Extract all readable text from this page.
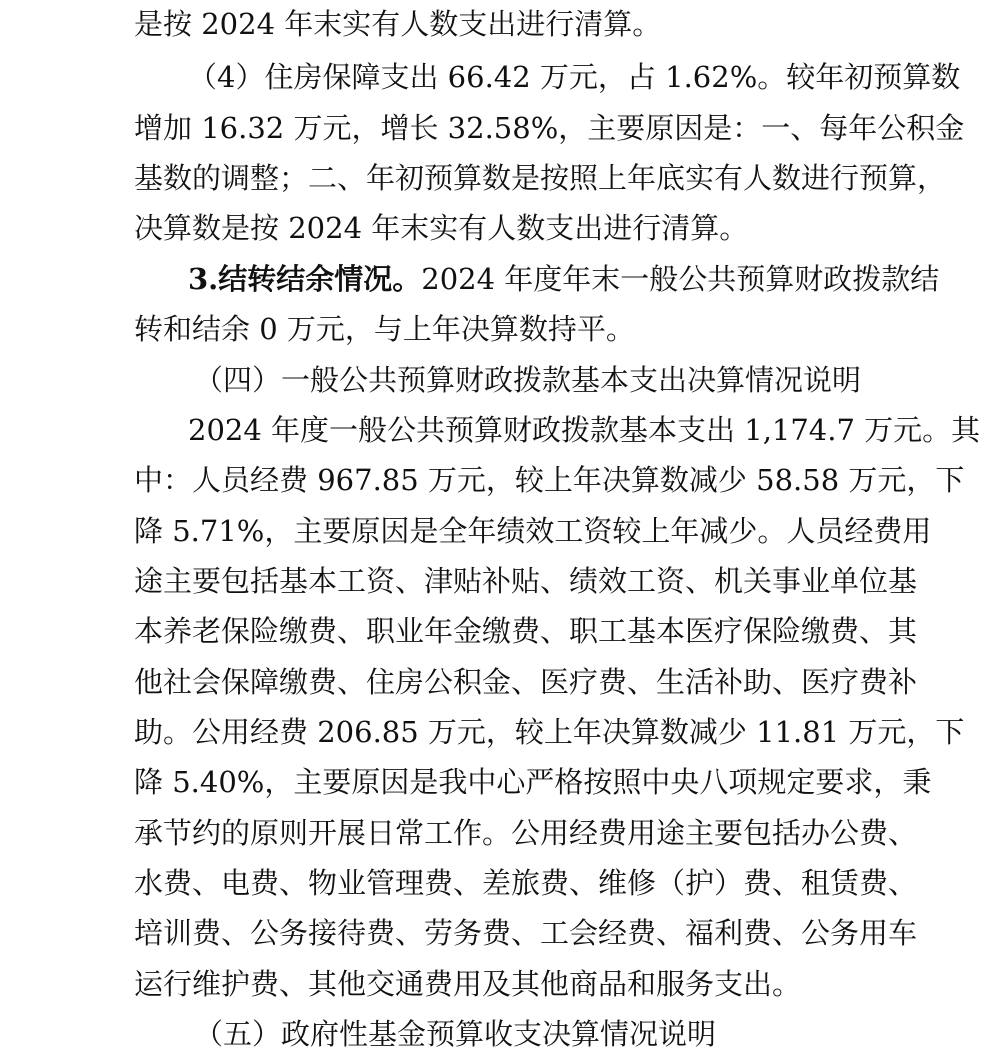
是按 2024 年末实有人数支出进行清算。
（4）住房保障支出 66.42 万元，占 1.62%。较年初预算数
增加 16.32 万元，增长 32.58%，主要原因是：一、每年公积金
基数的调整；二、年初预算数是按照上年底实有人数进行预算，
决算数是按 2024 年末实有人数支出进行清算。
3.结转结余情况。 2024 年度年末一般公共预算财政拨款结
转和结余 0 万元，与上年决算数持平。
（四）一般公共预算财政拨款基本支出决算情况说明
2024 年度一般公共预算财政拨款基本支出 1,174.7 万元。其
中：人员经费 967.85 万元，较上年决算数减少 58.58 万元，下
降 5.71%，主要原因是全年绩效工资较上年减少。人员经费用
途主要包括基本工资、津贴补贴、绩效工资、机关事业单位基
本养老保险缴费、职业年金缴费、职工基本医疗保险缴费、其
他社会保障缴费、住房公积金、医疗费、生活补助、医疗费补
助。公用经费 206.85 万元，较上年决算数减少 11.81 万元，下
降 5.40%，主要原因是我中心严格按照中央八项规定要求，秉
承节约的原则开展日常工作。公用经费用途主要包括办公费、
水费、电费、物业管理费、差旅费、维修（护）费、租赁费、
培训费、公务接待费、劳务费、工会经费、福利费、公务用车
运行维护费、其他交通费用及其他商品和服务支出。
（五）政府性基金预算收支决算情况说明
